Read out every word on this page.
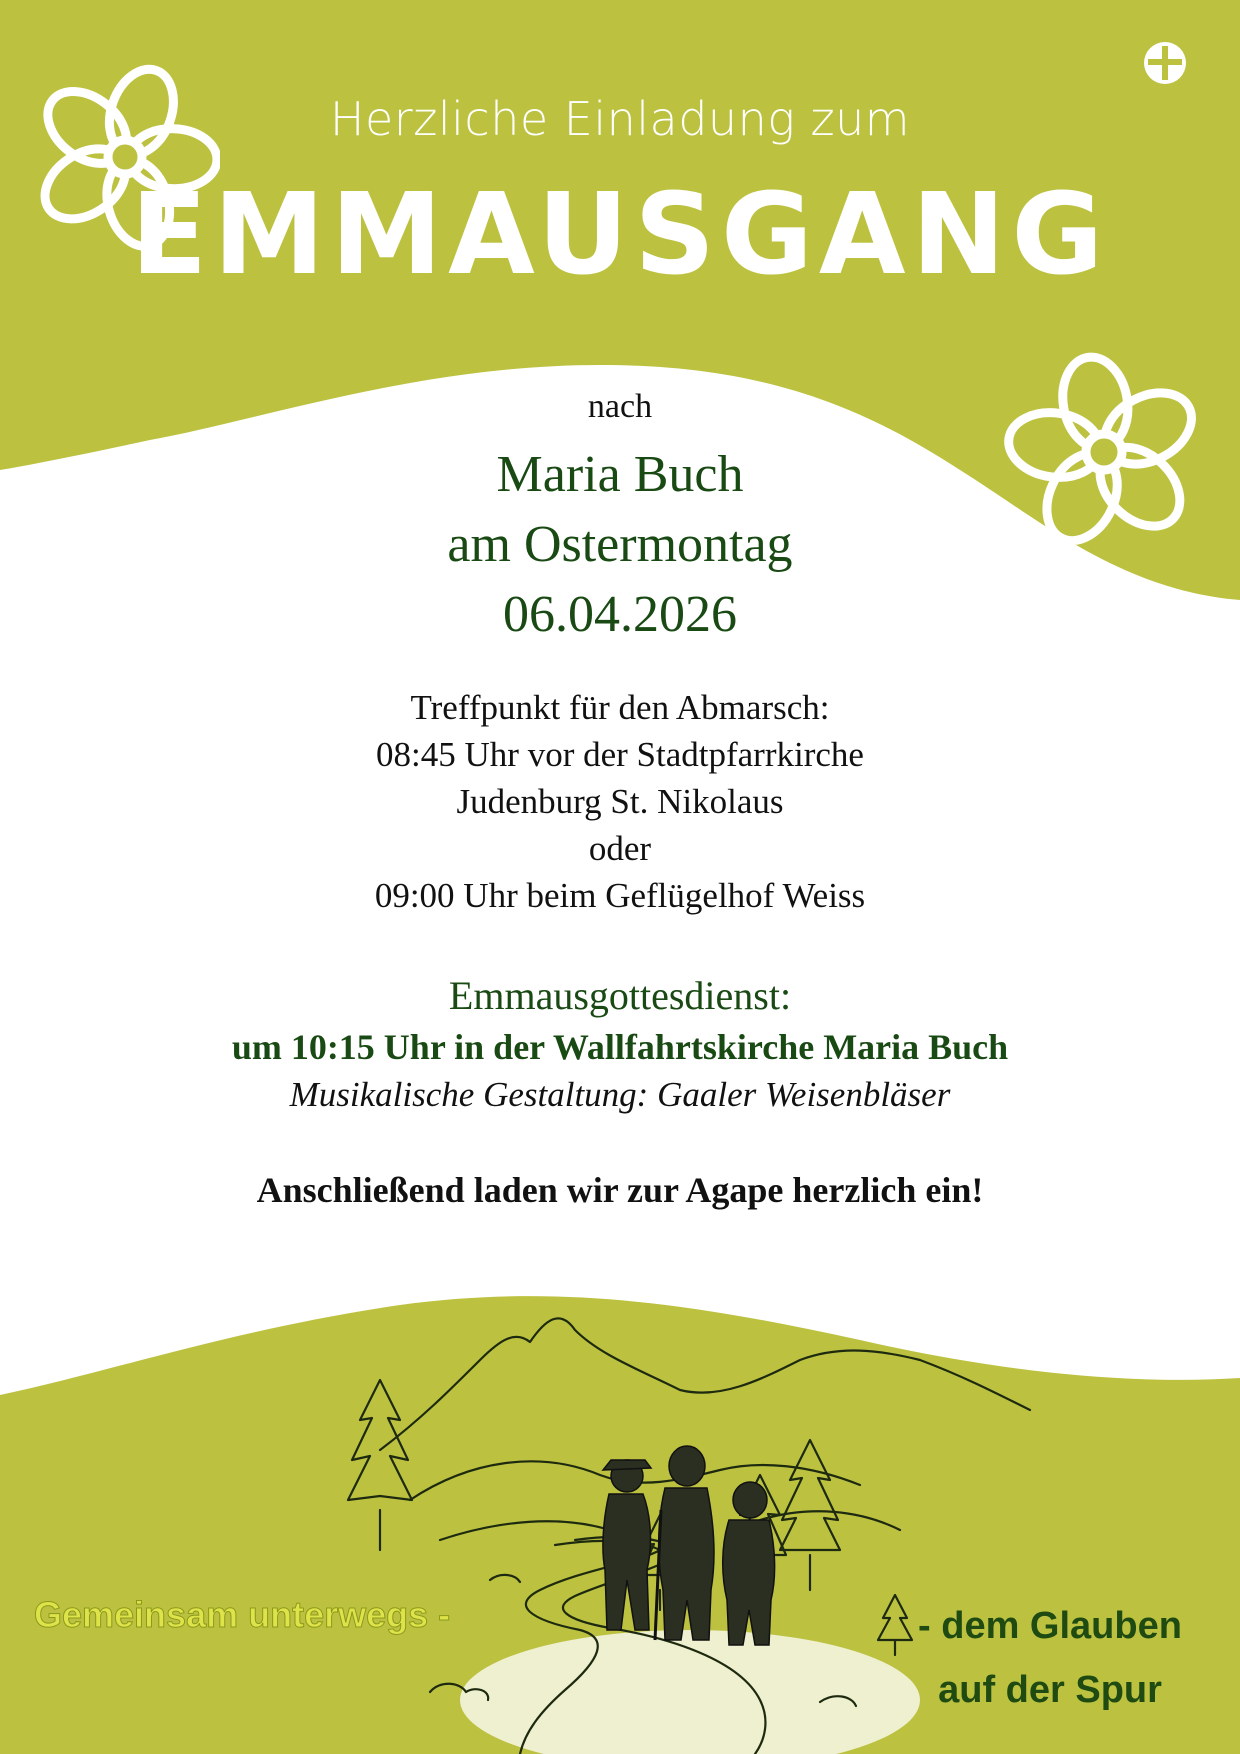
Herzliche Einladung zum
EMMAUSGANG
nach
Maria Buch
am Ostermontag
06.04.2026
Treffpunkt für den Abmarsch:
08:45 Uhr vor der Stadtpfarrkirche
Judenburg St. Nikolaus
oder
09:00 Uhr beim Geflügelhof Weiss
Emmausgottesdienst:
um 10:15 Uhr in der Wallfahrtskirche Maria Buch
Musikalische Gestaltung: Gaaler Weisenbläser
Anschließend laden wir zur Agape herzlich ein!
Gemeinsam unterwegs -	- dem Glauben
auf der Spur
